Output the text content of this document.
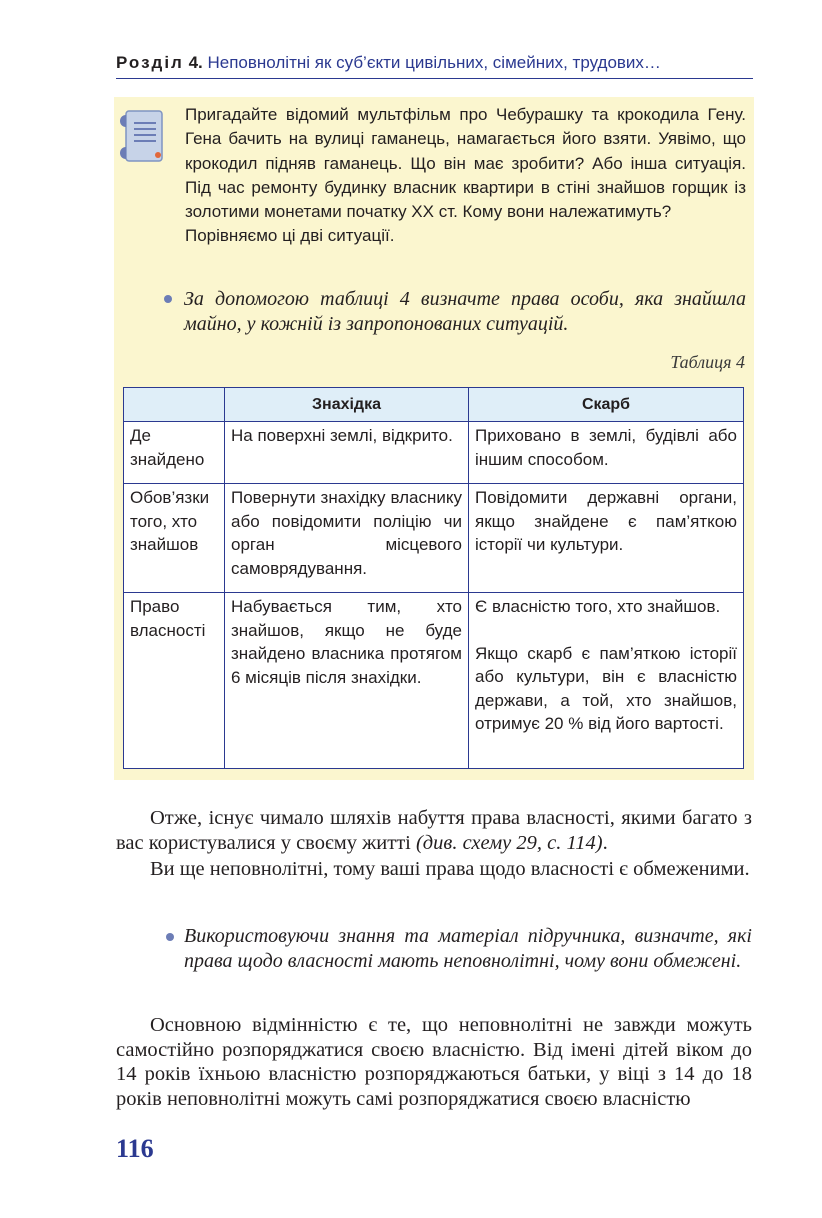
Розділ 4. Неповнолітні як суб’єкти цивільних, сімейних, трудових…

Пригадайте відомий мультфільм про Чебурашку та крокодила Гену. Гена бачить на вулиці гаманець, намагається його взяти. Уявімо, що крокодил підняв гаманець. Що він має зробити? Або інша ситуація. Під час ремонту будинку власник квартири в стіні знайшов горщик із золотими монетами початку XX ст. Кому вони належатимуть?

Порівняємо ці дві ситуації.

За допомогою таблиці 4 визначте права особи, яка знайшла майно, у кожній із запропонованих ситуацій.
Таблиця 4
	Знахідка	Скарб
Де знайдено	На поверхні землі, відкрито.	Приховано в землі, будівлі або іншим способом.
Обов’язки того, хто знайшов	Повернути знахідку власнику або повідомити поліцію чи орган місцевого самоврядування.	Повідомити державні органи, якщо знайдене є пам’яткою історії чи культури.
Право власності	Набувається тим, хто знайшов, якщо не буде знайдено власника протягом 6 місяців після знахідки.	Є власністю того, хто знайшов.
Якщо скарб є пам’яткою історії або культури, він є власністю держави, а той, хто знайшов, отримує 20 % від його вартості.

Отже, існує чимало шляхів набуття права власності, якими багато з вас користувалися у своєму житті (див. схему 29, с. 114).

Ви ще неповнолітні, тому ваші права щодо власності є обмеженими.

Використовуючи знання та матеріал підручника, визначте, які права щодо власності мають неповнолітні, чому вони обмежені.

Основною відмінністю є те, що неповнолітні не завжди можуть самостійно розпоряджатися своєю власністю. Від імені дітей віком до 14 років їхньою власністю розпоряджаються батьки, у віці з 14 до 18 років неповнолітні можуть самі розпоряджатися своєю власністю

116
